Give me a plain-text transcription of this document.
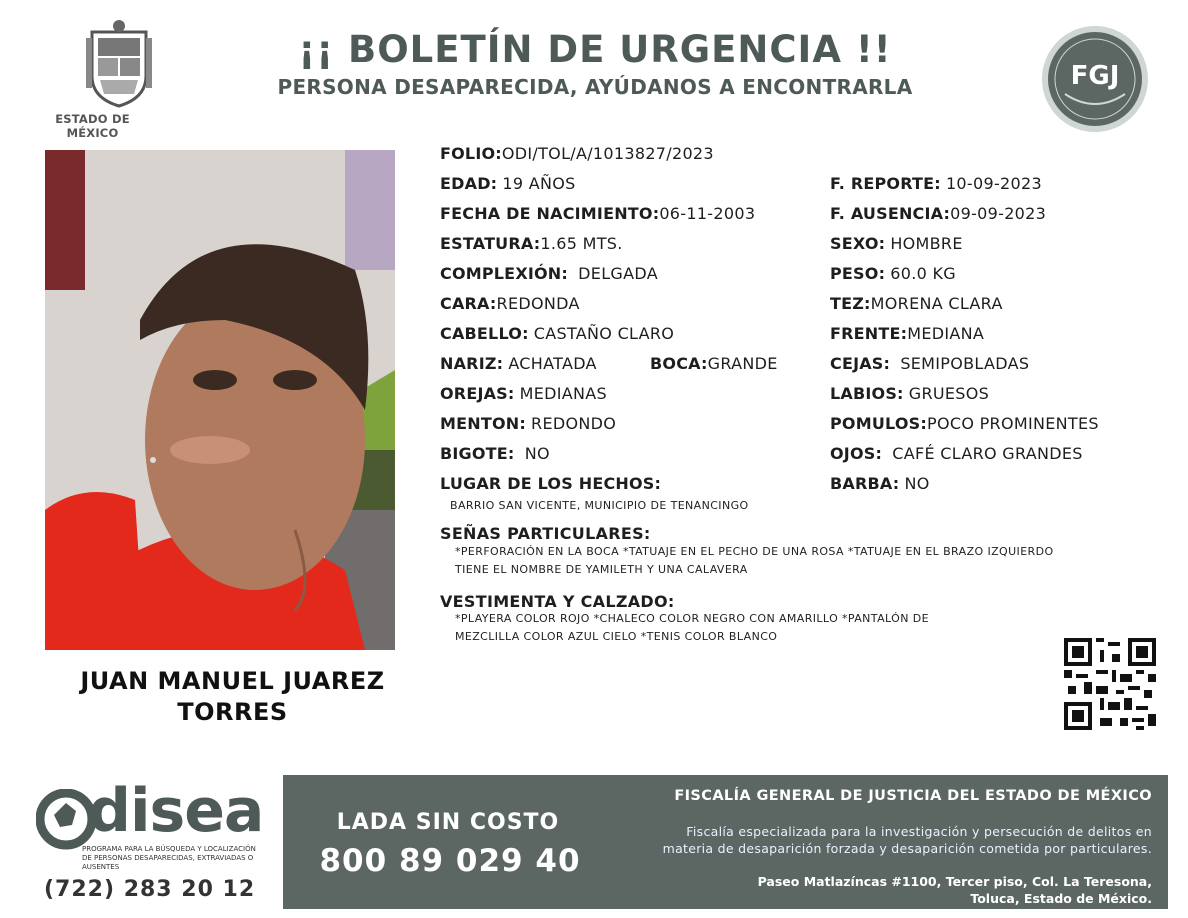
ESTADO DE MÉXICO
¡¡ BOLETÍN DE URGENCIA !!
PERSONA DESAPARECIDA, AYÚDANOS A ENCONTRARLA	FGJ
JUAN MANUEL JUAREZ
TORRES
FOLIO:ODI/TOL/A/1013827/2023
EDAD: 19 AÑOS
FECHA DE NACIMIENTO:06-11-2003
ESTATURA:1.65 MTS.
COMPLEXIÓN: DELGADA
CARA:REDONDA
CABELLO: CASTAÑO CLARO
NARIZ: ACHATADA	BOCA:GRANDE
OREJAS: MEDIANAS
MENTON: REDONDO
BIGOTE: NO
LUGAR DE LOS HECHOS:
BARRIO SAN VICENTE, MUNICIPIO DE TENANCINGO
F. REPORTE: 10-09-2023
F. AUSENCIA:09-09-2023
SEXO: HOMBRE
PESO: 60.0 KG
TEZ:MORENA CLARA
FRENTE:MEDIANA
CEJAS: SEMIPOBLADAS
LABIOS: GRUESOS
POMULOS:POCO PROMINENTES
OJOS: CAFÉ CLARO GRANDES
BARBA: NO
SEÑAS PARTICULARES:
*PERFORACIÓN EN LA BOCA *TATUAJE EN EL PECHO DE UNA ROSA *TATUAJE EN EL BRAZO IZQUIERDO
TIENE EL NOMBRE DE YAMILETH Y UNA CALAVERA
VESTIMENTA Y CALZADO:
*PLAYERA COLOR ROJO *CHALECO COLOR NEGRO CON AMARILLO *PANTALÓN DE
MEZCLILLA COLOR AZUL CIELO *TENIS COLOR BLANCO
disea
PROGRAMA PARA LA BÚSQUEDA Y LOCALIZACIÓN
DE PERSONAS DESAPARECIDAS, EXTRAVIADAS O
AUSENTES
(722) 283 20 12
LADA SIN COSTO
800 89 029 40
FISCALÍA GENERAL DE JUSTICIA DEL ESTADO DE MÉXICO
Fiscalía especializada para la investigación y persecución de delitos en
materia de desaparición forzada y desaparición cometida por particulares.
Paseo Matlazíncas #1100, Tercer piso, Col. La Teresona,
Toluca, Estado de México.
